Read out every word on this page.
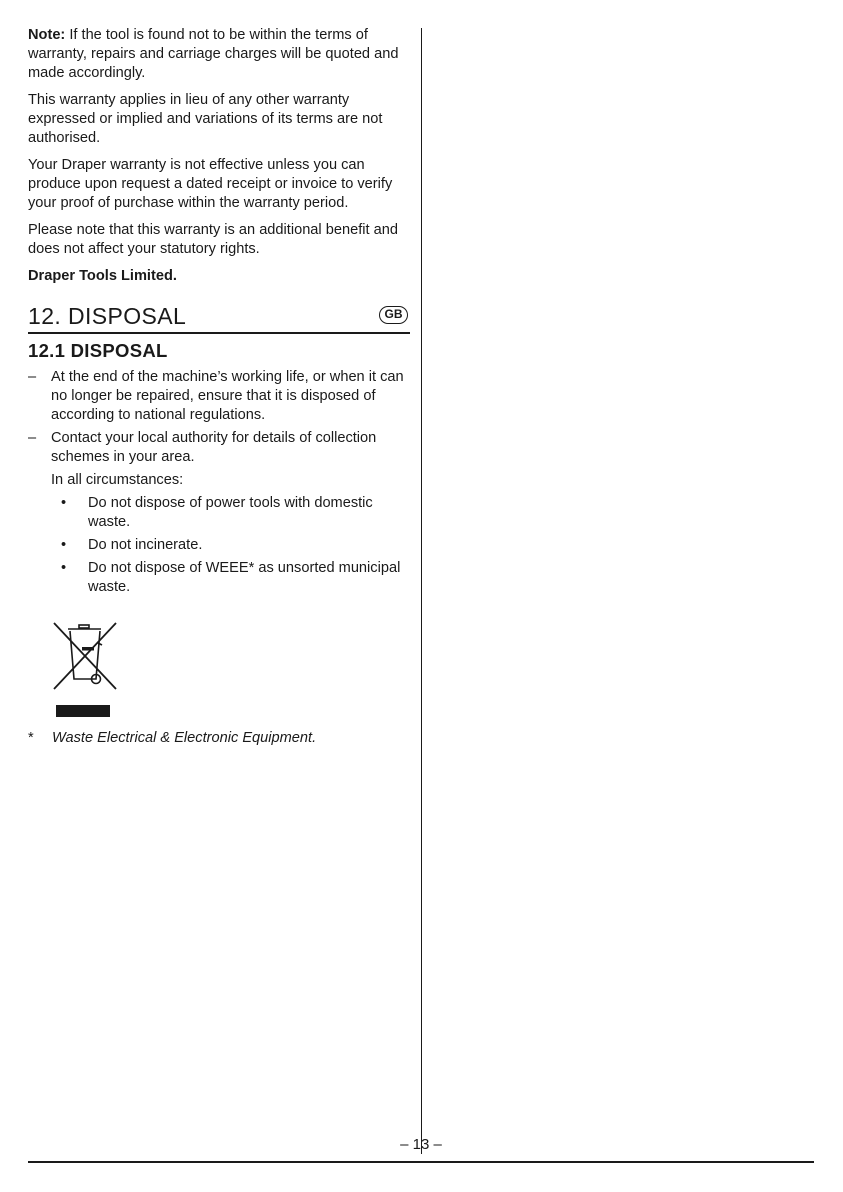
Note: If the tool is found not to be within the terms of warranty, repairs and carriage charges will be quoted and made accordingly.

This warranty applies in lieu of any other warranty expressed or implied and variations of its terms are not authorised.

Your Draper warranty is not effective unless you can produce upon request a dated receipt or invoice to verify your proof of purchase within the warranty period.

Please note that this warranty is an additional benefit and does not affect your statutory rights.

Draper Tools Limited.

12. DISPOSAL	GB
12.1 DISPOSAL
– At the end of the machine’s working life, or when it can no longer be repaired, ensure that it is disposed of according to national regulations.
– Contact your local authority for details of collection schemes in your area.
In all circumstances:
• Do not dispose of power tools with domestic waste.
• Do not incinerate.
• Do not dispose of WEEE* as unsorted municipal waste.
* Waste Electrical & Electronic Equipment.
– 13 –
